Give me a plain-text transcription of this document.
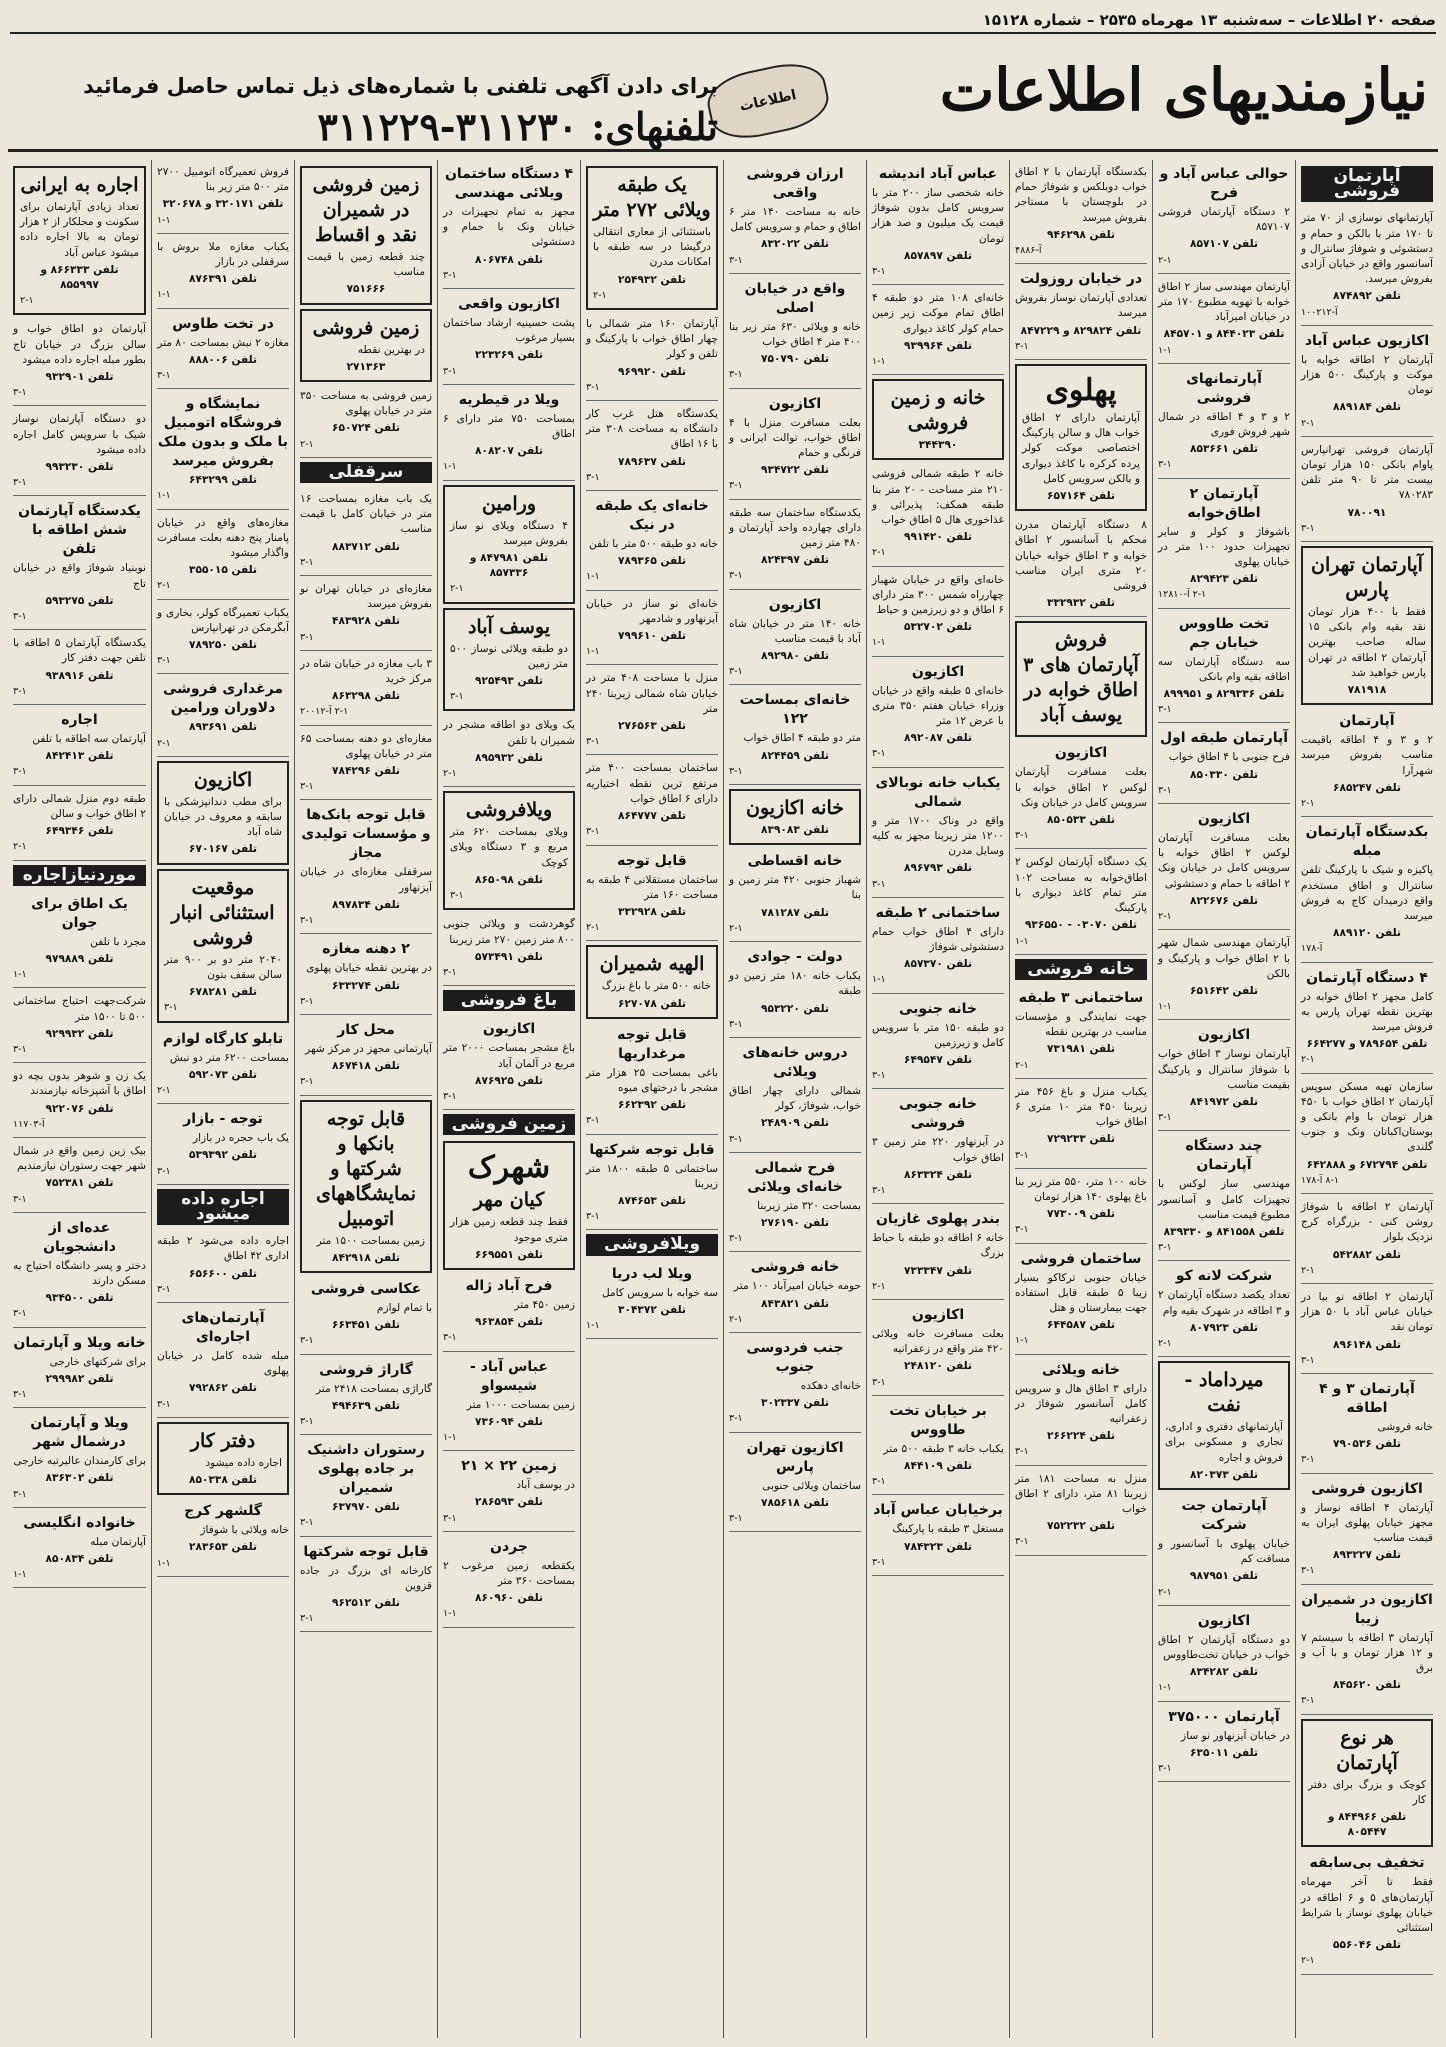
صفحه ۲۰ اطلاعات – سه‌شنبه ۱۳ مهرماه ۲۵۳۵ – شماره ۱۵۱۲۸
نیازمندیهای اطلاعات
اطلاعات
برای دادن آگهی تلفنی با شماره‌های ذیل تماس حاصل فرمائید
تلفنهای: ۳۱۱۲۳۰-۳۱۱۲۲۹
آپارتمان فروشی

آپارتمانهای نوسازی از ۷۰ متر تا ۱۷۰ متر با بالکن و حمام و دستشوئی و شوفاژ سانترال و آسانسور واقع در خیابان آزادی بفروش میرسد.

تلفن ۸۷۴۸۹۲
آ-۱۰۰۲۱۲
اکازیون عباس آباد

آپارتمان ۲ اطاقه خوابه با موکت و پارکینگ ۵۰۰ هزار تومان

تلفن ۸۸۹۱۸۴
۲-۱

آپارتمان فروشی تهرانپارس پاوام بانکی ۱۵۰ هزار تومان بیست متر تا ۹۰ متر تلفن ۷۸۰۲۸۳

۷۸۰۰۹۱
۳-۱
آپارتمان تهران پارس

فقط با ۴۰۰ هزار تومان نقد بقیه وام بانکی ۱۵ ساله صاحب بهترین آپارتمان ۲ اطاقه در تهران پارس خواهید شد

۷۸۱۹۱۸
آپارتمان

۲ و ۳ و ۴ اطاقه باقیمت مناسب بفروش میرسد شهرآرا

تلفن ۶۸۵۲۴۷
۲-۱
بکدستگاه آپارتمان مبله

پاکیزه و شیک با پارکینگ تلفن سانترال و اطاق مستخدم واقع درمیدان کاج به فروش میرسد

تلفن ۸۸۹۱۲۰
آ-۱۷۸
۴ دستگاه آپارتمان

کامل مجهز ۲ اطاق خوابه در بهترین نقطه تهران پارس به فروش میرسد

تلفن ۷۸۹۶۵۴ و ۶۶۴۲۷۷
۲-۱

سازمان تهیه مسکن سوپس آپارتمان ۲ اطاق خواب با ۴۵۰ هزار تومان با وام بانکی و بوستان‌اکباتان ونک و جنوب گلندی

تلفن ۶۷۲۷۹۴ و ۶۴۲۸۸۸
۸-۱ آ-۱۷۸

آپارتمان ۲ اطاقه با شوفاژ روشن کنی - بزرگراه کرج نزدیک بلوار

تلفن ۵۴۲۸۸۲
۲-۱

آپارتمان ۲ اطاقه نو بیا در خیابان عباس آباد با ۵۰ هزار تومان نقد

تلفن ۸۹۶۱۴۸
۳-۱
آپارتمان ۳ و ۴ اطاقه

خانه فروشی

تلفن ۷۹۰۵۳۶
۳-۱
اکازیون فروشی

آپارتمان ۴ اطاقه نوساز و مجهز خیابان پهلوی ایران به قیمت مناسب

تلفن ۸۹۳۲۲۷
۳-۱
اکازیون در شمیران زیبا

آپارتمان ۳ اطاقه با سیستم ۷ و ۱۲ هزار تومان و با آب و برق

تلفن ۸۴۵۶۲۰
۳-۱
هر نوع آپارتمان

کوچک و بزرگ برای دفتر کار

تلفن ۸۴۴۹۶۶ و ۸۰۵۴۴۷
تخفیف بی‌سابقه

فقط تا آخر مهرماه آپارتمان‌های ۵ و ۶ اطاقه در خیابان پهلوی نوساز با شرایط استثنائی

تلفن ۵۵۶۰۴۶
۲-۱
حوالی عباس آباد و فرح

۲ دستگاه آپارتمان فروشی ۸۵۷۱۰۷

تلفن ۸۵۷۱۰۷
۲-۱

آپارتمان مهندسی ساز ۲ اطاق خوابه با تهویه مطبوع ۱۷۰ متر در خیابان امیرآباد

تلفن ۸۴۴۰۲۳ و ۸۴۵۷۰۱
۱-۱
آپارتمانهای فروشی

۲ و ۳ و ۴ اطاقه در شمال شهر فروش فوری

تلفن ۸۵۳۶۶۱
۳-۱
آپارتمان ۲ اطاق‌خوابه

باشوفاژ و کولر و سایر تجهیزات حدود ۱۰۰ متر در خیابان پهلوی

تلفن ۸۲۹۴۲۳
۲-۱ آ-۱۲۸۱۰
تخت طاووس خیابان جم

سه دستگاه آپارتمان سه اطاقه بقیه وام بانکی

تلفن ۸۲۹۳۳۶ و ۸۹۹۹۵۱
۳-۱
آپارتمان طبقه اول

فرح جنوبی با ۴ اطاق خواب

تلفن ۸۵۰۳۳۰
۳-۱
اکازیون

بعلت مسافرت آپارتمان لوکس ۲ اطاق خوابه با سرویس کامل در خیابان ونک ۲ اطاقه با حمام و دستشوئی

تلفن ۸۲۲۶۷۶
۲-۱

آپارتمان مهندسی شمال شهر با ۲ اطاق خواب و پارکینگ و بالکن

تلفن ۶۵۱۶۴۲
۱-۱
اکازیون

آپارتمان نوساز ۳ اطاق خواب با شوفاژ سانترال و پارکینگ بقیمت مناسب

تلفن ۸۴۱۹۷۲
۳-۱
چند دستگاه آپارتمان

مهندسی ساز لوکس با تجهیزات کامل و آسانسور مطبوع قیمت مناسب

تلفن ۸۴۱۵۵۸ و ۸۳۹۳۳۰
۳-۱
شرکت لانه کو

تعداد یکصد دستگاه آپارتمان ۲ و ۳ اطاقه در شهرک بقیه وام

تلفن ۸۰۷۹۲۳
۲-۱
میرداماد - نفت

آپارتمانهای دفتری و اداری، تجاری و مسکونی برای فروش و اجاره

تلفن ۸۲۰۳۷۳
آپارتمان جت شرکت

خیابان پهلوی با آسانسور و مسافت کم

تلفن ۹۸۷۹۵۱
۲-۱
اکازیون

دو دستگاه آپارتمان ۲ اطاق خواب در خیابان تخت‌طاووس

تلفن ۸۳۴۲۸۲
۱-۱
آپارتمان ۳۷۵۰۰۰

در خیابان آیزنهاور نو ساز

تلفن ۶۳۵۰۱۱
۳-۱

بکدستگاه آپارتمان با ۲ اطاق خواب دوبلکس و شوفاژ حمام در بلوچستان با مستاجر بفروش میرسد

تلفن ۹۴۶۲۹۸
آ-۴۸۸۶
در خیابان روزولت

تعدادی آپارتمان نوساز بفروش میرسد

تلفن ۸۲۹۸۲۴ و ۸۴۷۲۲۹
۳-۱
پهلوی

آپارتمان دارای ۲ اطاق خواب هال و سالن پارکینگ اختصاصی موکت کولر پرده کرکره با کاغذ دیواری و بالکن سرویس کامل

تلفن ۶۵۷۱۶۴

۸ دستگاه آپارتمان مدرن محکم با آسانسور ۲ اطاق خوابه و ۳ اطاق خوابه خیابان ۲۰ متری ایران مناسب فروشی

تلفن ۳۳۲۹۳۲
فروش آپارتمان های ۳ اطاق خوابه در یوسف آباد
اکازیون

بعلت مسافرت آپارتمان لوکس ۲ اطاق خوابه با سرویس کامل در خیابان ونک

تلفن ۸۵۰۵۳۳
۳-۱

یک دستگاه آپارتمان لوکس ۲ اطاق‌خوابه به مساحت ۱۰۲ متر تمام کاغذ دیواری با پارکینگ

تلفن ۰۳۰۷۰ - ۹۳۶۵۵۰
۱-۱
خانه فروشی
ساختمانی ۳ طبقه

جهت نمایندگی و مؤسسات مناسب در بهترین نقطه

تلفن ۷۳۱۹۸۱
۲-۱

یکباب منزل و باغ ۴۵۶ متر زیربنا ۴۵۰ متر ۱۰ متری ۶ اطاق خواب

تلفن ۷۲۹۲۳۳
۳-۱

خانه ۱۰۰ متر، ۵۵۰ متر زیر بنا باغ پهلوی ۱۴۰ هزار تومان

تلفن ۷۷۳۰۰۹
۳-۱
ساختمان فروشی

خیابان جنوبی ترکاکو بسیار زیبا ۵ طبقه قابل استفاده جهت بیمارستان و هتل

تلفن ۶۴۴۵۸۷
۱-۱
خانه ویلائی

دارای ۳ اطاق هال و سرویس کامل آسانسور شوفاژ در زعفرانیه

تلفن ۲۶۶۲۲۴
۳-۱

منزل به مساحت ۱۸۱ متر زیربنا ۸۱ متر، دارای ۲ اطاق خواب

تلفن ۷۵۲۲۳۲
۳-۱
عباس آباد اندیشه

خانه شخصی ساز ۲۰۰ متر با سرویس کامل بدون شوفاژ قیمت یک میلیون و صد هزار تومان

تلفن ۸۵۷۸۹۷
۳-۱

خانه‌ای ۱۰۸ متر دو طبقه ۴ اطاق تمام موکت زیر زمین حمام کولر کاغذ دیواری

تلفن ۹۳۹۹۶۴
۱-۱
خانه و زمین فروشی
۳۴۴۳۹۰

خانه ۲ طبقه شمالی فروشی ۲۱۰ متر مساحت - ۲۰ متر بنا طبقه همکف: پذیرائی و غذاخوری هال ۵ اطاق خواب

تلفن ۹۹۱۴۲۰
۲-۱

خانه‌ای واقع در خیابان شهباز چهارراه شمس ۳۰۰ متر دارای ۶ اطاق و دو زیرزمین و حیاط

تلفن ۵۳۲۷۰۲
۱-۱
اکازیون

خانه‌ای ۵ طبقه واقع در خیابان وزراء خیابان هفتم ۳۵۰ متری با عرض ۱۲ متر

تلفن ۸۹۲۰۸۷
۳-۱
یکباب خانه نوبالای شمالی

واقع در وناک ۱۷۰۰ متر و ۱۲۰۰ متر زیربنا مجهز به کلیه وسایل مدرن

تلفن ۸۹۶۷۹۳
۳-۱
ساختمانی ۲ طبقه

دارای ۴ اطاق خواب حمام دستشوئی شوفاژ

تلفن ۸۵۷۳۷۰
۱-۱
خانه جنوبی

دو طبقه ۱۵۰ متر با سرویس کامل و زیرزمین

تلفن ۶۴۹۵۴۷
۳-۱
خانه جنوبی فروشی

در آیزنهاور ۲۲۰ متر زمین ۳ اطاق خواب

تلفن ۸۶۳۳۲۴
۳-۱
بندر پهلوی غازیان

خانه ۶ اطاقه دو طبقه با حیاط بزرگ

تلفن ۷۳۳۳۴۷
۲-۱
اکازیون

بعلت مسافرت خانه ویلائی ۴۲۰ متر واقع در زعفرانیه

تلفن ۲۴۸۱۲۰
۳-۱
بر خیابان تخت طاووس

یکباب خانه ۳ طبقه ۵۰۰ متر

تلفن ۸۴۴۱۰۹
۳-۱
برخیابان عباس آباد

مستغل ۳ طبقه با پارکینگ

تلفن ۷۸۴۳۲۳
۳-۱
ارزان فروشی واقعی

خانه به مساحت ۱۴۰ متر ۶ اطاق و حمام و سرویس کامل

تلفن ۸۳۲۰۲۲
۳-۱
واقع در خیابان اصلی

خانه و ویلائی ۶۳۰ متر زیر بنا ۴۰۰ متر ۴ اطاق خواب

تلفن ۷۵۰۷۹۰
۳-۱
اکازیون

بعلت مسافرت منزل با ۴ اطاق خواب، توالت ایرانی و فرنگی و حمام

تلفن ۹۳۴۷۲۲
۳-۱

یکدستگاه ساختمان سه طبقه دارای چهارده واحد آپارتمان و ۴۸۰ متر زمین

تلفن ۸۲۴۳۹۷
۳-۱
اکازیون

خانه ۱۴۰ متر در خیابان شاه آباد با قیمت مناسب

تلفن ۸۹۲۹۸۰
۳-۱
خانه‌ای بمساحت ۱۲۲

متر دو طبقه ۴ اطاق خواب

تلفن ۸۲۴۴۵۹
۳-۱
خانه اکازیون
تلفن ۸۳۹۰۸۳
خانه اقساطی

شهباز جنوبی ۴۲۰ متر زمین و بنا

تلفن ۷۸۱۲۸۷
۲-۱
دولت - جوادی

یکباب خانه ۱۸۰ متر زمین دو طبقه

تلفن ۹۵۳۲۲۰
۳-۱
دروس خانه‌های ویلائی

شمالی دارای چهار اطاق خواب، شوفاژ، کولر

تلفن ۲۴۸۹۰۹
۳-۱
فرح شمالی خانه‌ای ویلائی

بمساحت ۳۲۰ متر زیربنا

تلفن ۲۷۶۱۹۰
۳-۱
خانه فروشی

حومه خیابان امیرآباد ۱۰۰ متر

تلفن ۸۴۳۸۲۱
۲-۱
جنب فردوسی جنوب

خانه‌ای دهکده

تلفن ۳۰۲۳۳۷
۳-۱
اکازیون تهران پارس

ساختمان ویلائی جنوبی

تلفن ۷۸۵۶۱۸
۳-۱
یک طبقه ویلائی ۲۷۲ متر

باستثنائی از معاری انتقالی درگیشا در سه طبقه با امکانات مدرن

تلفن ۲۵۴۹۳۲
۲-۱

آپارتمان ۱۶۰ متر شمالی با چهار اطاق خواب با پارکینگ و تلفن و کولر

تلفن ۹۶۹۹۲۰
۳-۱

یکدستگاه هتل غرب کار دانشگاه به مساحت ۳۰۸ متر با ۱۶ اطاق

تلفن ۷۸۹۶۳۷
۳-۱
خانه‌ای یک طبقه در نیک

خانه دو طبقه ۵۰۰ متر با تلفن

تلفن ۷۸۹۳۶۵
۱-۱

خانه‌ای نو ساز در خیابان آیزنهاور و شادمهر

تلفن ۷۹۹۶۱۰
۱-۱

منزل با مساحت ۴۰۸ متر در خیابان شاه شمالی زیربنا ۲۴۰ متر

تلفن ۲۷۶۵۶۳
۳-۱

ساختمان بمساحت ۴۰۰ متر مرتفع ترین نقطه اختیاریه دارای ۶ اطاق خواب

تلفن ۸۶۴۷۷۷
۳-۱
قابل توجه

ساختمان مستقلانی ۴ طبقه به مساحت ۱۶۰ متر

تلفن ۳۳۲۹۲۸
۲-۱
الهیه شمیران

خانه ۵۰۰ متر با باغ بزرگ

تلفن ۶۲۷۰۷۸
قابل توجه مرغداریها

باغی بمساحت ۲۵ هزار متر مشجر با درختهای میوه

تلفن ۶۶۲۳۹۲
۳-۱
قابل توجه شرکتها

ساختمانی ۵ طبقه ۱۸۰۰ متر زیربنا

تلفن ۸۷۴۶۵۳
۳-۱
ویلافروشی
ویلا لب دریا

سه خوابه با سرویس کامل

تلفن ۳۰۴۳۷۲
۱-۱
۴ دستگاه ساختمان ویلائی مهندسی

مجهز به تمام تجهیزات در خیابان ونک با حمام و دستشوئی

تلفن ۸۰۶۷۴۸
۳-۱
اکازیون واقعی

پشت حسینیه ارشاد ساختمان بسیار مرغوب

تلفن ۲۲۳۲۶۹
۳-۱
ویلا در قیطریه

بمساحت ۷۵۰ متر دارای ۶ اطاق

تلفن ۸۰۸۲۰۷
۱-۱
ورامین

۴ دستگاه ویلای نو ساز بفروش میرسد

تلفن ۸۴۷۹۸۱ و ۸۵۷۳۳۶
۲-۱
یوسف آباد

دو طبقه ویلائی نوساز ۵۰۰ متر زمین

تلفن ۹۲۵۴۹۳
۳-۱

یک ویلای دو اطاقه مشجر در شمیران با تلفن

تلفن ۸۹۵۹۳۲
۲-۱
ویلافروشی

ویلای بمساحت ۶۲۰ متر مربع و ۳ دستگاه ویلای کوچک

تلفن ۸۶۵۰۹۸
۳-۱

گوهردشت و ویلائی جنوبی ۸۰۰ متر زمین ۲۷۰ متر زیربنا

تلفن ۵۷۳۴۹۱
۳-۱
باغ فروشی
اکازیون

باغ مشجر بمساحت ۲۰۰۰ متر مربع در آلمان آباد

تلفن ۸۷۶۹۲۵
۳-۱
زمین فروشی
شهرک
کیان مهر

فقط چند قطعه زمین هزار متری موجود

تلفن ۶۶۹۵۵۱
فرح آباد ژاله

زمین ۴۵۰ متر

تلفن ۹۶۳۸۵۴
۳-۱
عباس آباد - شیسواو

زمین بمساحت ۱۰۰۰ متر

تلفن ۷۳۶۰۹۴
۱-۱
زمین ۲۲ × ۲۱

در یوسف آباد

تلفن ۲۸۶۵۹۳
۳-۱
جردن

یکقطعه زمین مرغوب ۲ بمساحت ۳۶۰ متر

تلفن ۸۶۰۹۶۰
۱-۱
زمین فروشی در شمیران نقد و اقساط

چند قطعه زمین با قیمت مناسب

۷۵۱۶۶۶
زمین فروشی

در بهترین نقطه

۲۷۱۳۶۳

زمین فروشی به مساحت ۳۵۰ متر در خیابان پهلوی

تلفن ۶۵۰۷۲۴
۲-۱
سرقفلی

یک باب مغازه بمساحت ۱۶ متر در خیابان کامل با قیمت مناسب

تلفن ۸۸۳۷۱۲
۳-۱

مغازه‌ای در خیابان تهران نو بفروش میرسد

تلفن ۴۸۳۹۲۸
۳-۱

۳ باب مغازه در خیابان شاه در مرکز خرید

تلفن ۸۶۳۲۹۸
۲-۱ آ-۲۰۰۱۲

مغازه‌ای دو دهنه بمساحت ۶۵ متر در خیابان پهلوی

تلفن ۷۸۴۲۹۶
۳-۱
قابل توجه بانک‌ها و مؤسسات تولیدی مجاز

سرقفلی مغازه‌ای در خیابان آیزنهاور

تلفن ۸۹۷۸۳۴
۳-۱
۲ دهنه مغازه

در بهترین نقطه خیابان پهلوی

تلفن ۶۳۳۲۷۴
۳-۱
محل کار

آپارتمانی مجهز در مرکز شهر

تلفن ۸۶۷۴۱۸
۳-۱
قابل توجه بانکها و شرکتها و نمایشگاههای اتومبیل

زمین بمساحت ۱۵۰۰ متر

تلفن ۸۴۲۹۱۸
عکاسی فروشی

با تمام لوازم

تلفن ۶۶۳۴۵۱
۳-۱
گاراژ فروشی

گاراژی بمساحت ۲۴۱۸ متر

تلفن ۴۹۴۶۳۹
۳-۱
رستوران داشنیک بر جاده پهلوی شمیران
تلفن ۶۳۷۹۷۰
۳-۱
قابل توجه شرکتها

کارخانه ای بزرگ در جاده قزوین

تلفن ۹۶۲۵۱۲
۳-۱

فروش تعمیرگاه اتومبیل ۲۷۰۰ متر ۵۰۰ متر زیر بنا

تلفن ۳۲۰۱۷۱ و ۳۲۰۶۷۸
۱-۱

یکباب مغازه ملا بروش با سرقفلی در بازار

تلفن ۸۷۶۳۹۱
۱-۱
در تخت طاوس

مغازه ۲ نبش بمساحت ۸۰ متر

تلفن ۸۸۸۰۰۶
۳-۱
نمایشگاه و فروشگاه اتومبیل با ملک و بدون ملک بفروش میرسد
تلفن ۶۴۳۲۹۹
۱-۱

مغازه‌های واقع در خیابان پامنار پنج دهنه بعلت مسافرت واگذار میشود

تلفن ۳۵۵۰۱۵
۲-۱

یکباب تعمیرگاه کولر، بخاری و آبگرمکن در تهرانپارس

تلفن ۷۸۹۲۵۰
۳-۱
مرغداری فروشی دلاوران ورامین
تلفن ۸۹۳۶۹۱
۲-۱
اکازیون

برای مطب دندانپزشکی با سابقه و معروف در خیابان شاه آباد

تلفن ۶۷۰۱۶۷
موقعیت استثنائی انبار فروشی

۲۰۴۰ متر دو بر ۹۰۰ متر سالن سقف بتون

تلفن ۶۷۸۲۸۱
۳-۱
تابلو کارگاه لوازم

بمساحت ۶۲۰۰ متر دو نبش

تلفن ۵۹۲۰۷۳
۲-۱
توجه - بازار

یک باب حجره در بازار

تلفن ۵۳۹۳۹۲
۳-۱
اجاره داده میشود

اجاره داده می‌شود ۲ طبقه اداری ۴۲ اطاق

تلفن ۶۵۶۶۰۰
۳-۱
آپارتمان‌های اجاره‌ای

مبله شده کامل در خیابان پهلوی

تلفن ۷۹۲۸۶۲
۳-۱
دفتر کار

اجاره داده میشود

تلفن ۸۵۰۳۳۸
گلشهر کرج

خانه ویلائی با شوفاژ

تلفن ۲۸۳۶۵۳
۱-۱
اجاره به ایرانی

تعداد زیادی آپارتمان برای سکونت و محلکار از ۲ هزار تومان به بالا اجاره داده میشود عباس آباد

تلفن ۸۶۶۳۳۳ و ۸۵۵۹۹۷
۲-۱

آپارتمان دو اطاق خواب و سالن بزرگ در خیابان تاج بطور مبله اجاره داده میشود

تلفن ۹۳۲۹۰۱
۳-۱

دو دستگاه آپارتمان نوساز شیک با سرویس کامل اجاره داده میشود

تلفن ۹۹۳۲۳۰
۳-۱
یکدستگاه آپارتمان شش اطاقه با تلفن

نوبنیاد شوفاژ واقع در خیابان تاج

تلفن ۵۹۳۲۷۵
۳-۱

یکدستگاه آپارتمان ۵ اطاقه با تلفن جهت دفتر کار

تلفن ۹۳۸۹۱۶
۳-۱
اجاره

آپارتمان سه اطاقه با تلفن

تلفن ۸۴۲۴۱۳
۳-۱

طبقه دوم منزل شمالی دارای ۲ اطاق خواب و سالن

تلفن ۶۴۹۳۴۶
۲-۱
موردنیازاجاره
یک اطاق برای جوان

مجرد با تلفن

تلفن ۹۷۹۸۸۹
۱-۱

شرکت‌جهت احتیاج ساختمانی ۵۰۰ تا ۱۵۰۰ متر

تلفن ۹۲۹۹۳۲
۳-۱

یک زن و شوهر بدون بچه دو اطاق با آشپزخانه نیازمندند

تلفن ۹۲۲۰۷۶
آ-۱۱۷۰۳

بیک زین زمین واقع در شمال شهر جهت رستوران نیازمندیم

تلفن ۷۵۲۳۸۱
۳-۱
عده‌ای از دانشجویان

دختر و پسر دانشگاه احتیاج به مسکن دارند

تلفن ۹۳۴۵۰۰
۳-۱
خانه ویلا و آپارتمان

برای شرکتهای خارجی

تلفن ۲۹۹۹۸۲
۳-۱
ویلا و آپارتمان درشمال شهر

برای کارمندان عالیرتبه خارجی

تلفن ۸۳۶۳۰۲
۳-۱
خانواده انگلیسی

آپارتمان مبله

تلفن ۸۵۰۸۳۴
۱-۱
